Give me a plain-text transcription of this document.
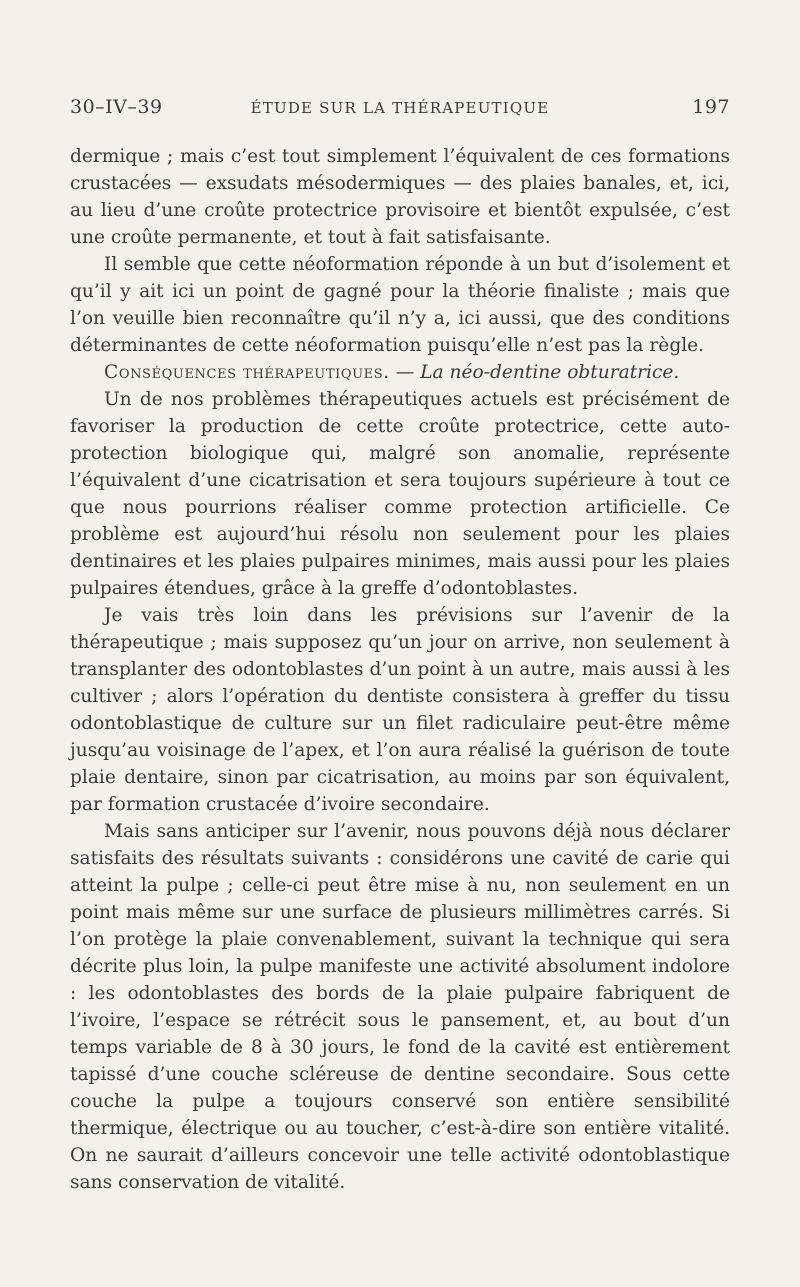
30–IV–39	ÉTUDE SUR LA THÉRAPEUTIQUE	197

dermique ; mais c’est tout simplement l’équivalent de ces formations crustacées — exsudats mésodermiques — des plaies banales, et, ici, au lieu d’une croûte protectrice provisoire et bientôt expulsée, c’est une croûte permanente, et tout à fait satisfaisante.

Il semble que cette néoformation réponde à un but d’isolement et qu’il y ait ici un point de gagné pour la théorie finaliste ; mais que l’on veuille bien reconnaître qu’il n’y a, ici aussi, que des conditions déterminantes de cette néoformation puisqu’elle n’est pas la règle.

Conséquences thérapeutiques. — La néo-dentine obturatrice.

Un de nos problèmes thérapeutiques actuels est précisément de favoriser la production de cette croûte protectrice, cette auto-protection biologique qui, malgré son anomalie, représente l’équivalent d’une cicatrisation et sera toujours supérieure à tout ce que nous pourrions réaliser comme protection artificielle. Ce problème est aujourd’hui résolu non seulement pour les plaies dentinaires et les plaies pulpaires minimes, mais aussi pour les plaies pulpaires étendues, grâce à la greffe d’odontoblastes.

Je vais très loin dans les prévisions sur l’avenir de la thérapeutique ; mais supposez qu’un jour on arrive, non seulement à transplanter des odontoblastes d’un point à un autre, mais aussi à les cultiver ; alors l’opération du dentiste consistera à greffer du tissu odontoblastique de culture sur un filet radiculaire peut-être même jusqu’au voisinage de l’apex, et l’on aura réalisé la guérison de toute plaie dentaire, sinon par cicatrisation, au moins par son équivalent, par formation crustacée d’ivoire secondaire.

Mais sans anticiper sur l’avenir, nous pouvons déjà nous déclarer satisfaits des résultats suivants : considérons une cavité de carie qui atteint la pulpe ; celle-ci peut être mise à nu, non seulement en un point mais même sur une surface de plusieurs millimètres carrés. Si l’on protège la plaie convenablement, suivant la technique qui sera décrite plus loin, la pulpe manifeste une activité absolument indolore : les odontoblastes des bords de la plaie pulpaire fabriquent de l’ivoire, l’espace se rétrécit sous le pansement, et, au bout d’un temps variable de 8 à 30 jours, le fond de la cavité est entièrement tapissé d’une couche scléreuse de dentine secondaire. Sous cette couche la pulpe a toujours conservé son entière sensibilité thermique, électrique ou au toucher, c’est-à-dire son entière vitalité. On ne saurait d’ailleurs concevoir une telle activité odontoblastique sans conservation de vitalité.
